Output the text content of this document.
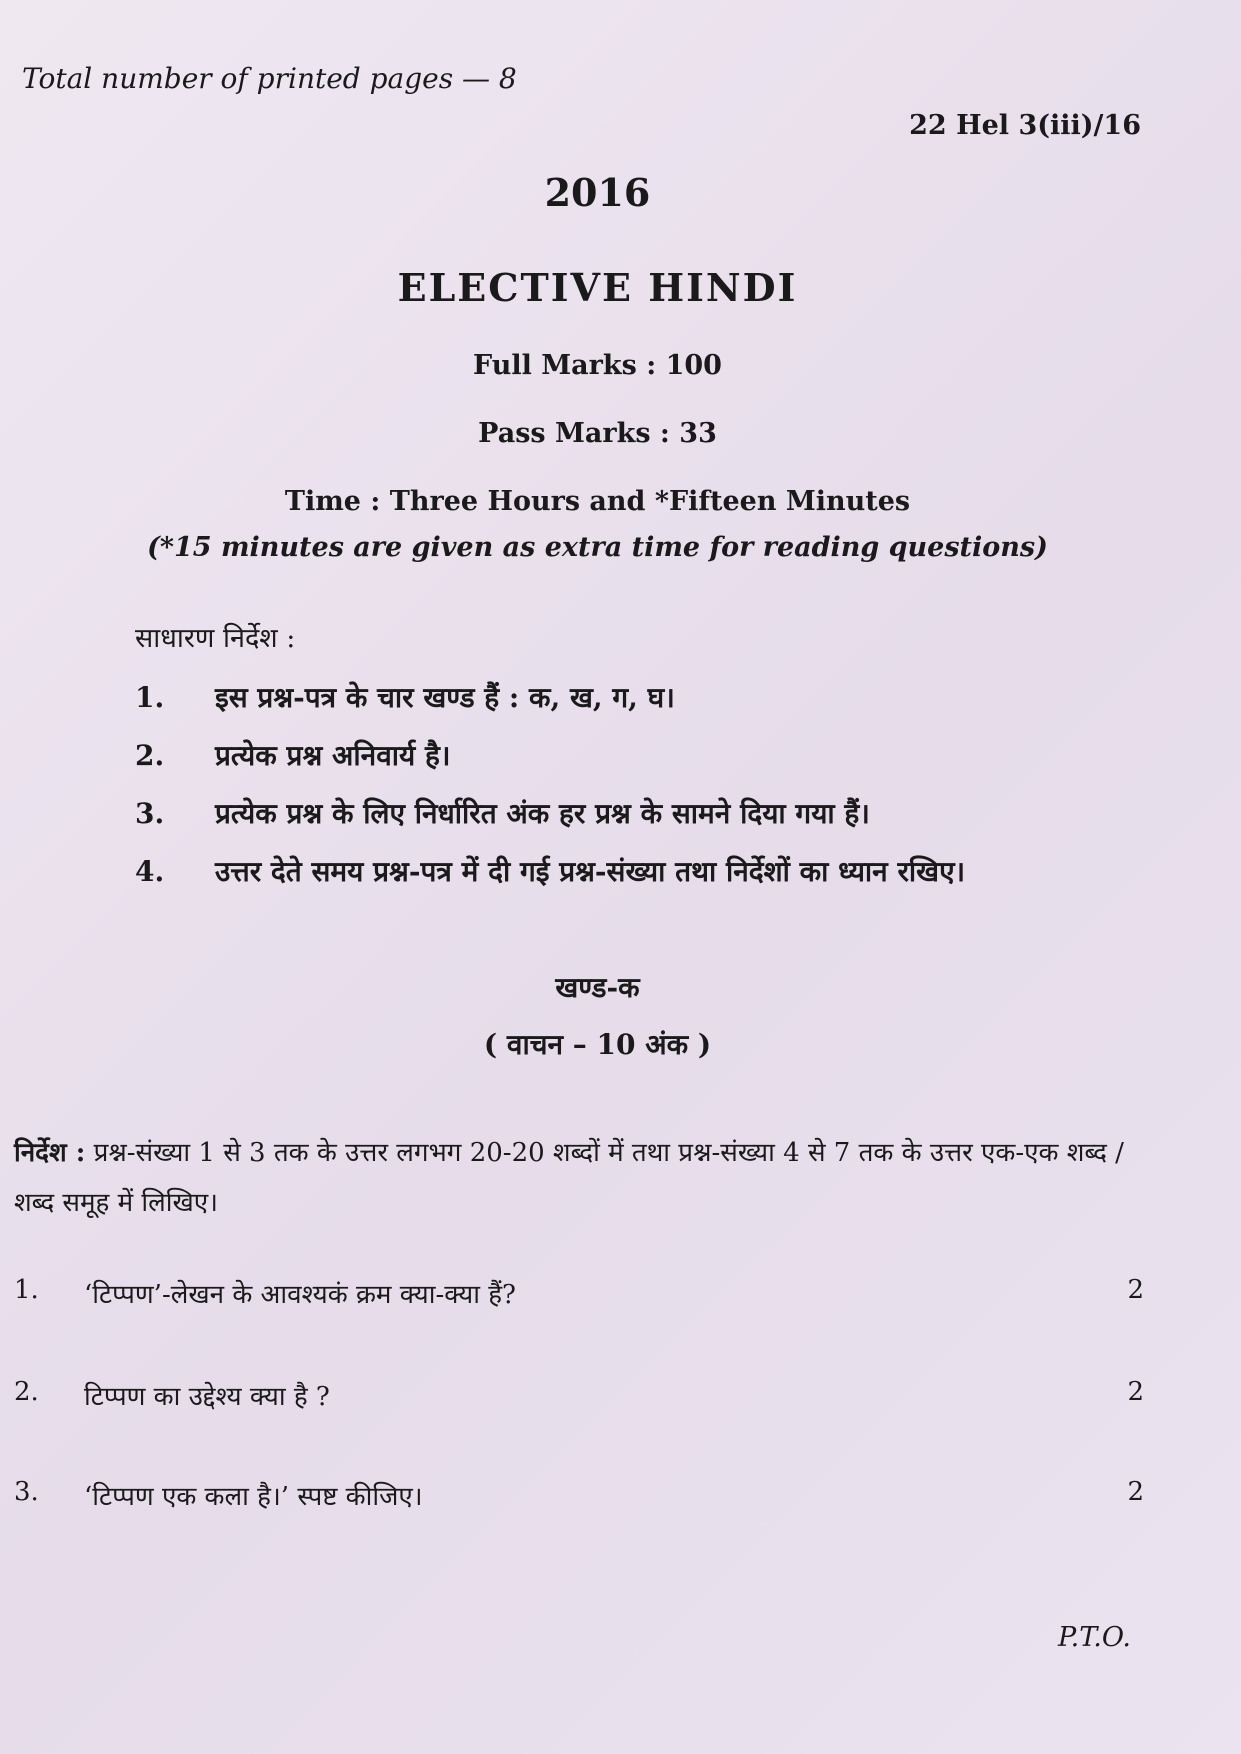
Total number of printed pages — 8
22 Hel 3(iii)/16
2016
ELECTIVE HINDI
Full Marks : 100
Pass Marks : 33
Time : Three Hours and *Fifteen Minutes
(*15 minutes are given as extra time for reading questions)
साधारण निर्देश :
1.	इस प्रश्न-पत्र के चार खण्ड हैं : क, ख, ग, घ।
2.	प्रत्येक प्रश्न अनिवार्य है।
3.	प्रत्येक प्रश्न के लिए निर्धारित अंक हर प्रश्न के सामने दिया गया हैं।
4.	उत्तर देते समय प्रश्न-पत्र में दी गई प्रश्न-संख्या तथा निर्देशों का ध्यान रखिए।
खण्ड-क
( वाचन – 10 अंक )
निर्देश : प्रश्न-संख्या 1 से 3 तक के उत्तर लगभग 20-20 शब्दों में तथा प्रश्न-संख्या 4 से 7 तक के उत्तर एक-एक शब्द / शब्द समूह में लिखिए।
1.	‘टिप्पण’-लेखन के आवश्यकं क्रम क्या-क्या हैं?	2
2.	टिप्पण का उद्देश्य क्या है ?	2
3.	‘टिप्पण एक कला है।’ स्पष्ट कीजिए।	2
P.T.O.
